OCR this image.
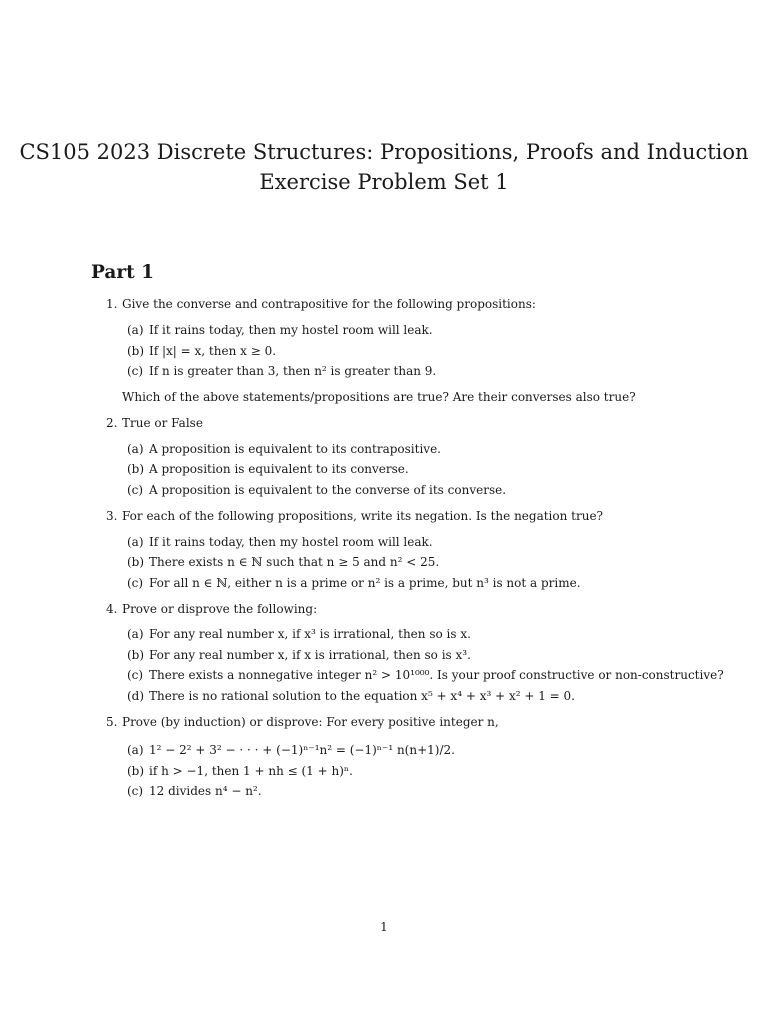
CS105 2023 Discrete Structures: Propositions, Proofs and Induction
Exercise Problem Set 1
Part 1
1. Give the converse and contrapositive for the following propositions:
(a) If it rains today, then my hostel room will leak.
(b) If |x| = x, then x ≥ 0.
(c) If n is greater than 3, then n² is greater than 9.
Which of the above statements/propositions are true? Are their converses also true?
2. True or False
(a) A proposition is equivalent to its contrapositive.
(b) A proposition is equivalent to its converse.
(c) A proposition is equivalent to the converse of its converse.
3. For each of the following propositions, write its negation. Is the negation true?
(a) If it rains today, then my hostel room will leak.
(b) There exists n ∈ ℕ such that n ≥ 5 and n² < 25.
(c) For all n ∈ ℕ, either n is a prime or n² is a prime, but n³ is not a prime.
4. Prove or disprove the following:
(a) For any real number x, if x³ is irrational, then so is x.
(b) For any real number x, if x is irrational, then so is x³.
(c) There exists a nonnegative integer n² > 10¹⁰⁰⁰. Is your proof constructive or non-constructive?
(d) There is no rational solution to the equation x⁵ + x⁴ + x³ + x² + 1 = 0.
5. Prove (by induction) or disprove: For every positive integer n,
(a) 1² − 2² + 3² − · · · + (−1)ⁿ⁻¹n² = (−1)ⁿ⁻¹ n(n+1)/2.
(b) if h > −1, then 1 + nh ≤ (1 + h)ⁿ.
(c) 12 divides n⁴ − n².
1
